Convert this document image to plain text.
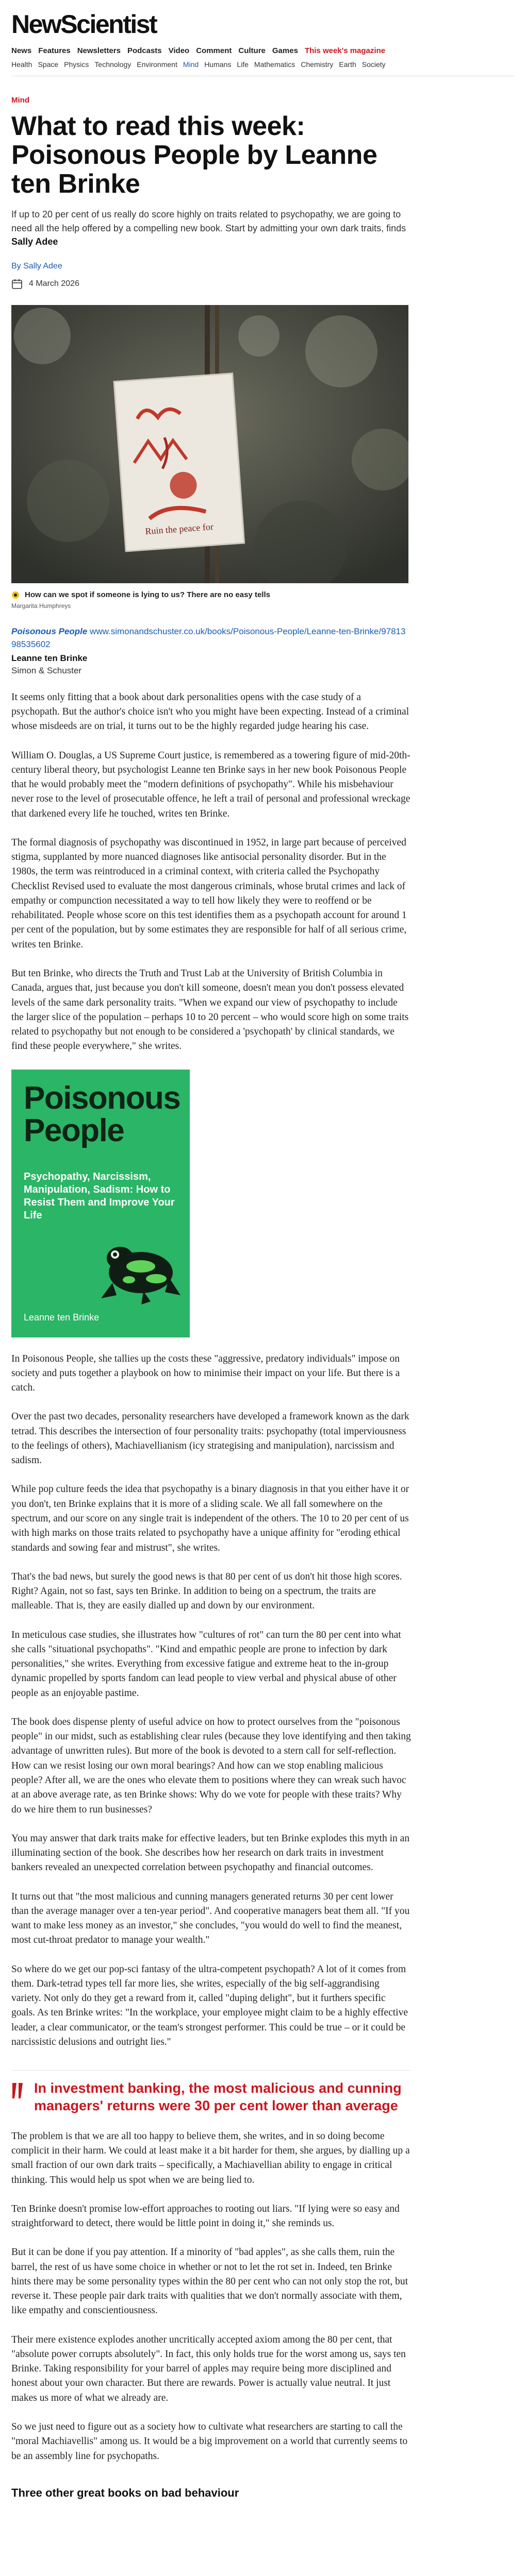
NewScientist
News Features Newsletters Podcasts Video Comment Culture Games This week's magazine
Health Space Physics Technology Environment Mind Humans Life Mathematics Chemistry Earth Society
Mind
What to read this week: Poisonous People by Leanne ten Brinke

If up to 20 per cent of us really do score highly on traits related to psychopathy, we are going to need all the help offered by a compelling new book. Start by admitting your own dark traits, finds Sally Adee

By Sally Adee
4 March 2026
Ruin the peace for
How can we spot if someone is lying to us? There are no easy tells
Margarita Humphreys
Poisonous People www.simonandschuster.co.uk/books/Poisonous-People/Leanne-ten-Brinke/9781398535602
Leanne ten Brinke
Simon & Schuster

It seems only fitting that a book about dark personalities opens with the case study of a psychopath. But the author's choice isn't who you might have been expecting. Instead of a criminal whose misdeeds are on trial, it turns out to be the highly regarded judge hearing his case.

William O. Douglas, a US Supreme Court justice, is remembered as a towering figure of mid-20th-century liberal theory, but psychologist Leanne ten Brinke says in her new book Poisonous People that he would probably meet the "modern definitions of psychopathy". While his misbehaviour never rose to the level of prosecutable offence, he left a trail of personal and professional wreckage that darkened every life he touched, writes ten Brinke.

The formal diagnosis of psychopathy was discontinued in 1952, in large part because of perceived stigma, supplanted by more nuanced diagnoses like antisocial personality disorder. But in the 1980s, the term was reintroduced in a criminal context, with criteria called the Psychopathy Checklist Revised used to evaluate the most dangerous criminals, whose brutal crimes and lack of empathy or compunction necessitated a way to tell how likely they were to reoffend or be rehabilitated. People whose score on this test identifies them as a psychopath account for around 1 per cent of the population, but by some estimates they are responsible for half of all serious crime, writes ten Brinke.

But ten Brinke, who directs the Truth and Trust Lab at the University of British Columbia in Canada, argues that, just because you don't kill someone, doesn't mean you don't possess elevated levels of the same dark personality traits. "When we expand our view of psychopathy to include the larger slice of the population – perhaps 10 to 20 percent – who would score high on some traits related to psychopathy but not enough to be considered a 'psychopath' by clinical standards, we find these people everywhere," she writes.

Poisonous
People
Psychopathy, Narcissism, Manipulation, Sadism: How to Resist Them and Improve Your Life
Leanne ten Brinke

In Poisonous People, she tallies up the costs these "aggressive, predatory individuals" impose on society and puts together a playbook on how to minimise their impact on your life. But there is a catch.

Over the past two decades, personality researchers have developed a framework known as the dark tetrad. This describes the intersection of four personality traits: psychopathy (total imperviousness to the feelings of others), Machiavellianism (icy strategising and manipulation), narcissism and sadism.

While pop culture feeds the idea that psychopathy is a binary diagnosis in that you either have it or you don't, ten Brinke explains that it is more of a sliding scale. We all fall somewhere on the spectrum, and our score on any single trait is independent of the others. The 10 to 20 per cent of us with high marks on those traits related to psychopathy have a unique affinity for "eroding ethical standards and sowing fear and mistrust", she writes.

That's the bad news, but surely the good news is that 80 per cent of us don't hit those high scores. Right? Again, not so fast, says ten Brinke. In addition to being on a spectrum, the traits are malleable. That is, they are easily dialled up and down by our environment.

In meticulous case studies, she illustrates how "cultures of rot" can turn the 80 per cent into what she calls "situational psychopaths". "Kind and empathic people are prone to infection by dark personalities," she writes. Everything from excessive fatigue and extreme heat to the in-group dynamic propelled by sports fandom can lead people to view verbal and physical abuse of other people as an enjoyable pastime.

The book does dispense plenty of useful advice on how to protect ourselves from the "poisonous people" in our midst, such as establishing clear rules (because they love identifying and then taking advantage of unwritten rules). But more of the book is devoted to a stern call for self-reflection. How can we resist losing our own moral bearings? And how can we stop enabling malicious people? After all, we are the ones who elevate them to positions where they can wreak such havoc at an above average rate, as ten Brinke shows: Why do we vote for people with these traits? Why do we hire them to run businesses?

You may answer that dark traits make for effective leaders, but ten Brinke explodes this myth in an illuminating section of the book. She describes how her research on dark traits in investment bankers revealed an unexpected correlation between psychopathy and financial outcomes.

It turns out that "the most malicious and cunning managers generated returns 30 per cent lower than the average manager over a ten-year period". And cooperative managers beat them all. "If you want to make less money as an investor," she concludes, "you would do well to find the meanest, most cut-throat predator to manage your wealth."

So where do we get our pop-sci fantasy of the ultra-competent psychopath? A lot of it comes from them. Dark-tetrad types tell far more lies, she writes, especially of the big self-aggrandising variety. Not only do they get a reward from it, called "duping delight", but it furthers specific goals. As ten Brinke writes: "In the workplace, your employee might claim to be a highly effective leader, a clear communicator, or the team's strongest performer. This could be true – or it could be narcissistic delusions and outright lies."

In investment banking, the most malicious and cunning managers' returns were 30 per cent lower than average

The problem is that we are all too happy to believe them, she writes, and in so doing become complicit in their harm. We could at least make it a bit harder for them, she argues, by dialling up a small fraction of our own dark traits – specifically, a Machiavellian ability to engage in critical thinking. This would help us spot when we are being lied to.

Ten Brinke doesn't promise low-effort approaches to rooting out liars. "If lying were so easy and straightforward to detect, there would be little point in doing it," she reminds us.

But it can be done if you pay attention. If a minority of "bad apples", as she calls them, ruin the barrel, the rest of us have some choice in whether or not to let the rot set in. Indeed, ten Brinke hints there may be some personality types within the 80 per cent who can not only stop the rot, but reverse it. These people pair dark traits with qualities that we don't normally associate with them, like empathy and conscientiousness.

Their mere existence explodes another uncritically accepted axiom among the 80 per cent, that "absolute power corrupts absolutely". In fact, this only holds true for the worst among us, says ten Brinke. Taking responsibility for your barrel of apples may require being more disciplined and honest about your own character. But there are rewards. Power is actually value neutral. It just makes us more of what we already are.

So we just need to figure out as a society how to cultivate what researchers are starting to call the "moral Machiavellis" among us. It would be a big improvement on a world that currently seems to be an assembly line for psychopaths.

Three other great books on bad behaviour
